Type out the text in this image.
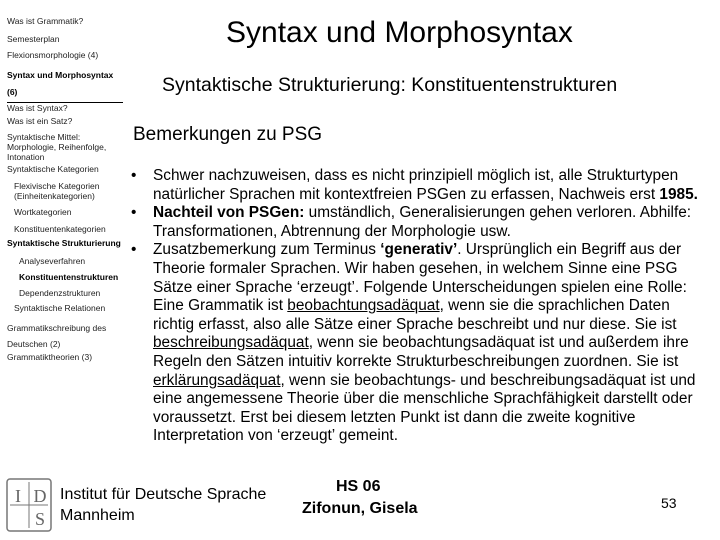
Was ist Grammatik?
Semesterplan
Flexionsmorphologie (4)
Syntax und Morphosyntax (6)
Was ist Syntax?
Was ist ein Satz?
Syntaktische Mittel: Morphologie, Reihenfolge, Intonation
Syntaktische Kategorien
Flexivische Kategorien (Einheitenkategorien)
Wortkategorien
Konstituentenkategorien
Syntaktische Strukturierung
Analyseverfahren
Konstituentenstrukturen
Dependenzstrukturen
Syntaktische Relationen
Grammatikschreibung des Deutschen (2)
Grammatiktheorien (3)
Syntax und Morphosyntax
Syntaktische Strukturierung: Konstituentenstrukturen
Bemerkungen zu PSG
• Schwer nachzuweisen, dass es nicht prinzipiell möglich ist, alle Strukturtypen natürlicher Sprachen mit kontextfreien PSGen zu erfassen, Nachweis erst 1985.
• Nachteil von PSGen: umständlich, Generalisierungen gehen verloren. Abhilfe: Transformationen, Abtrennung der Morphologie usw.
• Zusatzbemerkung zum Terminus ‘generativ’. Ursprünglich ein Begriff aus der Theorie formaler Sprachen. Wir haben gesehen, in welchem Sinne eine PSG Sätze einer Sprache ‘erzeugt’. Folgende Unterscheidungen spielen eine Rolle: Eine Grammatik ist beobachtungsadäquat, wenn sie die sprachlichen Daten richtig erfasst, also alle Sätze einer Sprache beschreibt und nur diese. Sie ist beschreibungsadäquat, wenn sie beobachtungsadäquat ist und außerdem ihre Regeln den Sätzen intuitiv korrekte Strukturbeschreibungen zuordnen. Sie ist erklärungsadäquat, wenn sie beobachtungs- und beschreibungsadäquat ist und eine angemessene Theorie über die menschliche Sprachfähigkeit darstellt oder voraussetzt. Erst bei diesem letzten Punkt ist dann die zweite kognitive Interpretation von ‘erzeugt’ gemeint.
I D
S
Institut für Deutsche Sprache
Mannheim
HS 06
Zifonun, Gisela	53
